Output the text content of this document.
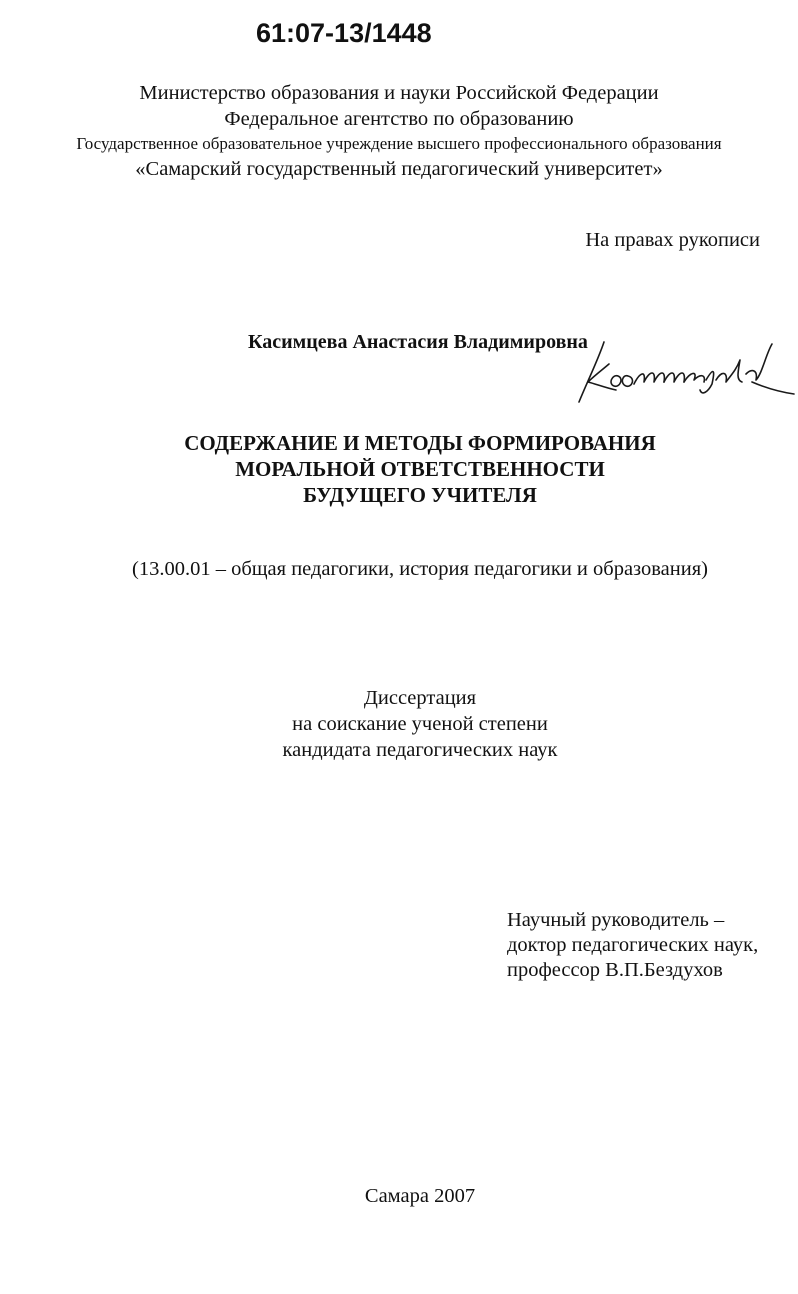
61:07-13/1448
Министерство образования и науки Российской Федерации
Федеральное агентство по образованию
Государственное образовательное учреждение высшего профессионального образования
«Самарский государственный педагогический университет»
На правах рукописи
Касимцева Анастасия Владимировна
СОДЕРЖАНИЕ И МЕТОДЫ ФОРМИРОВАНИЯ
МОРАЛЬНОЙ ОТВЕТСТВЕННОСТИ
БУДУЩЕГО УЧИТЕЛЯ
(13.00.01 – общая педагогики, история педагогики и образования)
Диссертация
на соискание ученой степени
кандидата педагогических наук
Научный руководитель –
доктор педагогических наук,
профессор В.П.Бездухов
Самара 2007
